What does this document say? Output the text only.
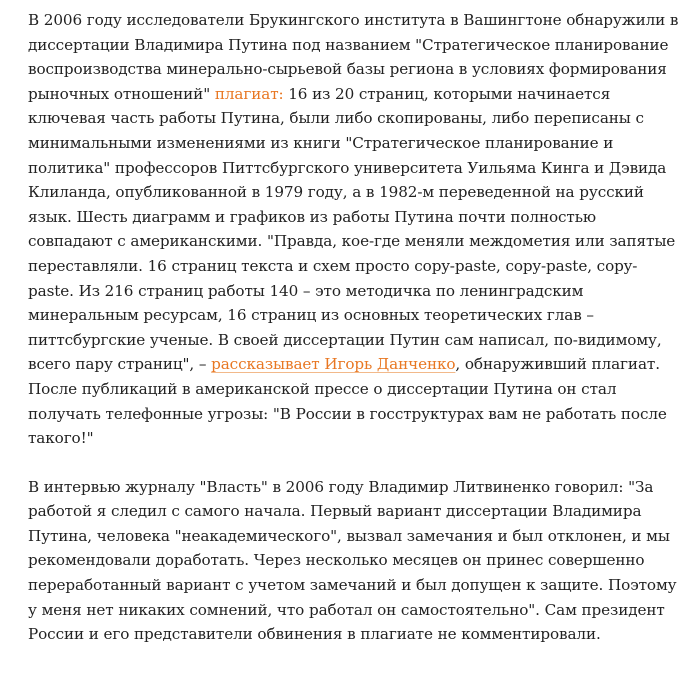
В 2006 году исследователи Брукингского института в Вашингтоне обнаружили в диссертации Владимира Путина под названием "Стратегическое планирование воспроизводства минерально-сырьевой базы региона в условиях формирования рыночных отношений" плагиат: 16 из 20 страниц, которыми начинается ключевая часть работы Путина, были либо скопированы, либо переписаны с минимальными изменениями из книги "Стратегическое планирование и политика" профессоров Питтсбургского университета Уильяма Кинга и Дэвида Клиланда, опубликованной в 1979 году, а в 1982-м переведенной на русский язык. Шесть диаграмм и графиков из работы Путина почти полностью совпадают с американскими. "Правда, кое-где меняли междометия или запятые переставляли. 16 страниц текста и схем просто copy-paste, copy-paste, copy-paste. Из 216 страниц работы 140 – это методичка по ленинградским минеральным ресурсам, 16 страниц из основных теоретических глав – питтсбургские ученые. В своей диссертации Путин сам написал, по-видимому, всего пару страниц", – рассказывает Игорь Данченко, обнаруживший плагиат. После публикаций в американской прессе о диссертации Путина он стал получать телефонные угрозы: "В России в госструктурах вам не работать после такого!"

В интервью журналу "Власть" в 2006 году Владимир Литвиненко говорил: "За работой я следил с самого начала. Первый вариант диссертации Владимира Путина, человека "неакадемического", вызвал замечания и был отклонен, и мы рекомендовали доработать. Через несколько месяцев он принес совершенно переработанный вариант с учетом замечаний и был допущен к защите. Поэтому у меня нет никаких сомнений, что работал он самостоятельно". Сам президент России и его представители обвинения в плагиате не комментировали.
